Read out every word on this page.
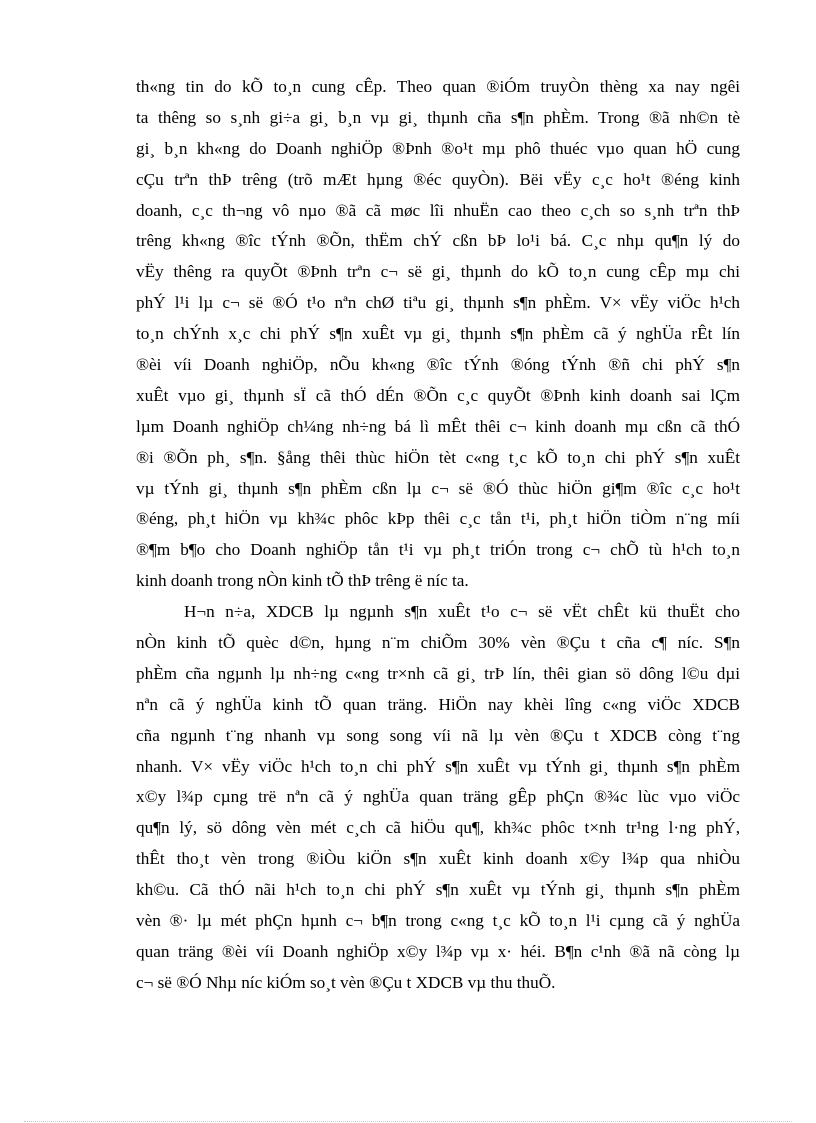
th«ng tin do kÕ to¸n cung cÊp. Theo quan ®iÓm truyÒn thèng xa nay ngêi
ta thêng so s¸nh gi÷a gi¸ b¸n vµ gi¸ thµnh cña s¶n phÈm. Trong ®ã nh©n tè
gi¸ b¸n kh«ng do Doanh nghiÖp ®Þnh ®o¹t mµ phô thuéc vµo quan hÖ cung
cÇu trªn thÞ trêng (trõ mÆt hµng ®éc quyÒn). Bëi vËy c¸c ho¹t ®éng kinh
doanh, c¸c th¬ng vô nµo ®ã cã møc lîi nhuËn cao theo c¸ch so s¸nh trªn thÞ
trêng kh«ng ®îc tÝnh ®Õn, thËm chÝ cßn bÞ lo¹i bá. C¸c nhµ qu¶n lý do
vËy thêng ra quyÕt ®Þnh trªn c¬ së gi¸ thµnh do kÕ to¸n cung cÊp mµ chi
phÝ l¹i lµ c¬ së ®Ó t¹o nªn chØ tiªu gi¸ thµnh s¶n phÈm. V× vËy viÖc h¹ch
to¸n chÝnh x¸c chi phÝ s¶n xuÊt vµ gi¸ thµnh s¶n phÈm cã ý nghÜa rÊt lín
®èi víi Doanh nghiÖp, nÕu kh«ng ®îc tÝnh ®óng tÝnh ®ñ chi phÝ s¶n
xuÊt vµo gi¸ thµnh sÏ cã thÓ dÉn ®Õn c¸c quyÕt ®Þnh kinh doanh sai lÇm
lµm Doanh nghiÖp ch¼ng nh÷ng bá lì mÊt thêi c¬ kinh doanh mµ cßn cã thÓ
®i ®Õn ph¸ s¶n. §ång thêi thùc hiÖn tèt c«ng t¸c kÕ to¸n chi phÝ s¶n xuÊt
vµ tÝnh gi¸ thµnh s¶n phÈm cßn lµ c¬ së ®Ó thùc hiÖn gi¶m ®îc c¸c ho¹t
®éng, ph¸t hiÖn vµ kh¾c phôc kÞp thêi c¸c tån t¹i, ph¸t hiÖn tiÒm n¨ng míi
®¶m b¶o cho Doanh nghiÖp tån t¹i vµ ph¸t triÓn trong c¬ chÕ tù h¹ch to¸n
kinh doanh trong nÒn kinh tÕ thÞ trêng ë níc ta.
H¬n n÷a, XDCB lµ ngµnh s¶n xuÊt t¹o c¬ së vËt chÊt kü thuËt cho
nÒn kinh tÕ quèc d©n, hµng n¨m chiÕm 30% vèn ®Çu t cña c¶ níc. S¶n
phÈm cña ngµnh lµ nh÷ng c«ng tr×nh cã gi¸ trÞ lín, thêi gian sö dông l©u dµi
nªn cã ý nghÜa kinh tÕ quan träng. HiÖn nay khèi lîng c«ng viÖc XDCB
cña ngµnh t¨ng nhanh vµ song song víi nã lµ vèn ®Çu t XDCB còng t¨ng
nhanh. V× vËy viÖc h¹ch to¸n chi phÝ s¶n xuÊt vµ tÝnh gi¸ thµnh s¶n phÈm
x©y l¾p cµng trë nªn cã ý nghÜa quan träng gÊp phÇn ®¾c lùc vµo viÖc
qu¶n lý, sö dông vèn mét c¸ch cã hiÖu qu¶, kh¾c phôc t×nh tr¹ng l·ng phÝ,
thÊt tho¸t vèn trong ®iÒu kiÖn s¶n xuÊt kinh doanh x©y l¾p qua nhiÒu
kh©u. Cã thÓ nãi h¹ch to¸n chi phÝ s¶n xuÊt vµ tÝnh gi¸ thµnh s¶n phÈm
vèn ®· lµ mét phÇn hµnh c¬ b¶n trong c«ng t¸c kÕ to¸n l¹i cµng cã ý nghÜa
quan träng ®èi víi Doanh nghiÖp x©y l¾p vµ x· héi. B¶n c¹nh ®ã nã còng lµ
c¬ së ®Ó Nhµ níc kiÓm so¸t vèn ®Çu t XDCB vµ thu thuÕ.
